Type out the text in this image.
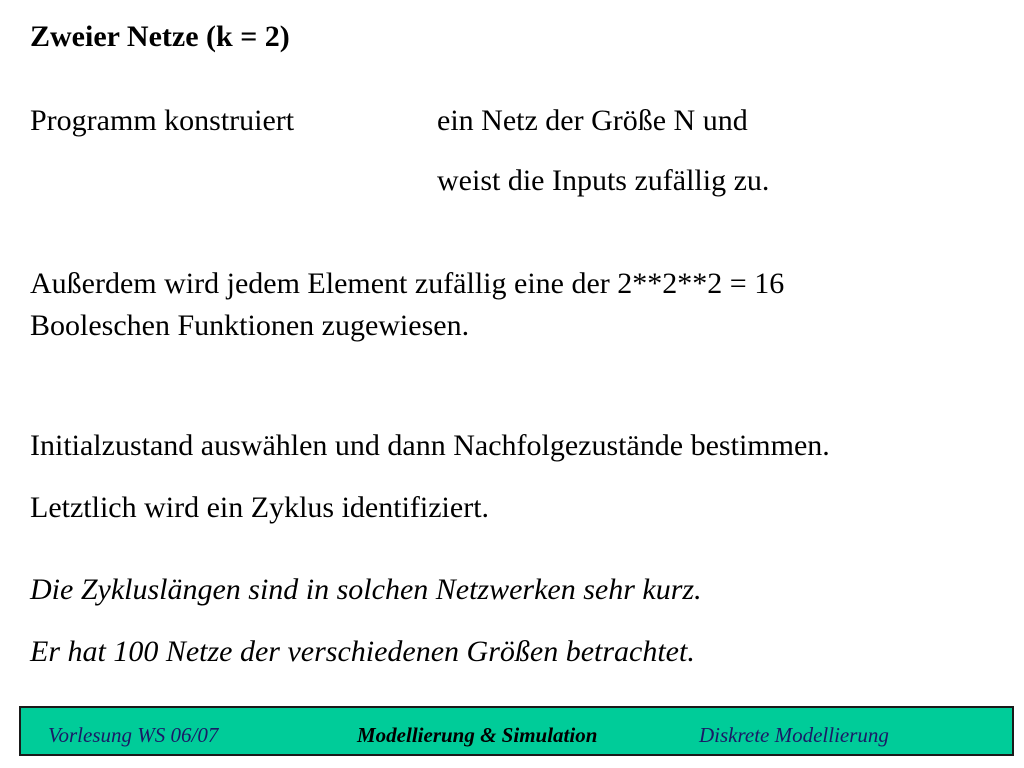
Zweier Netze (k = 2)
Programm konstruiert	ein Netz der Größe N und
weist die Inputs zufällig zu.
Außerdem wird jedem Element zufällig eine der 2**2**2 = 16
Booleschen Funktionen zugewiesen.
Initialzustand auswählen und dann Nachfolgezustände bestimmen.
Letztlich wird ein Zyklus identifiziert.
Die Zykluslängen sind in solchen Netzwerken sehr kurz.
Er hat 100 Netze der verschiedenen Größen betrachtet.
Vorlesung WS 06/07	Modellierung & Simulation	Diskrete Modellierung
